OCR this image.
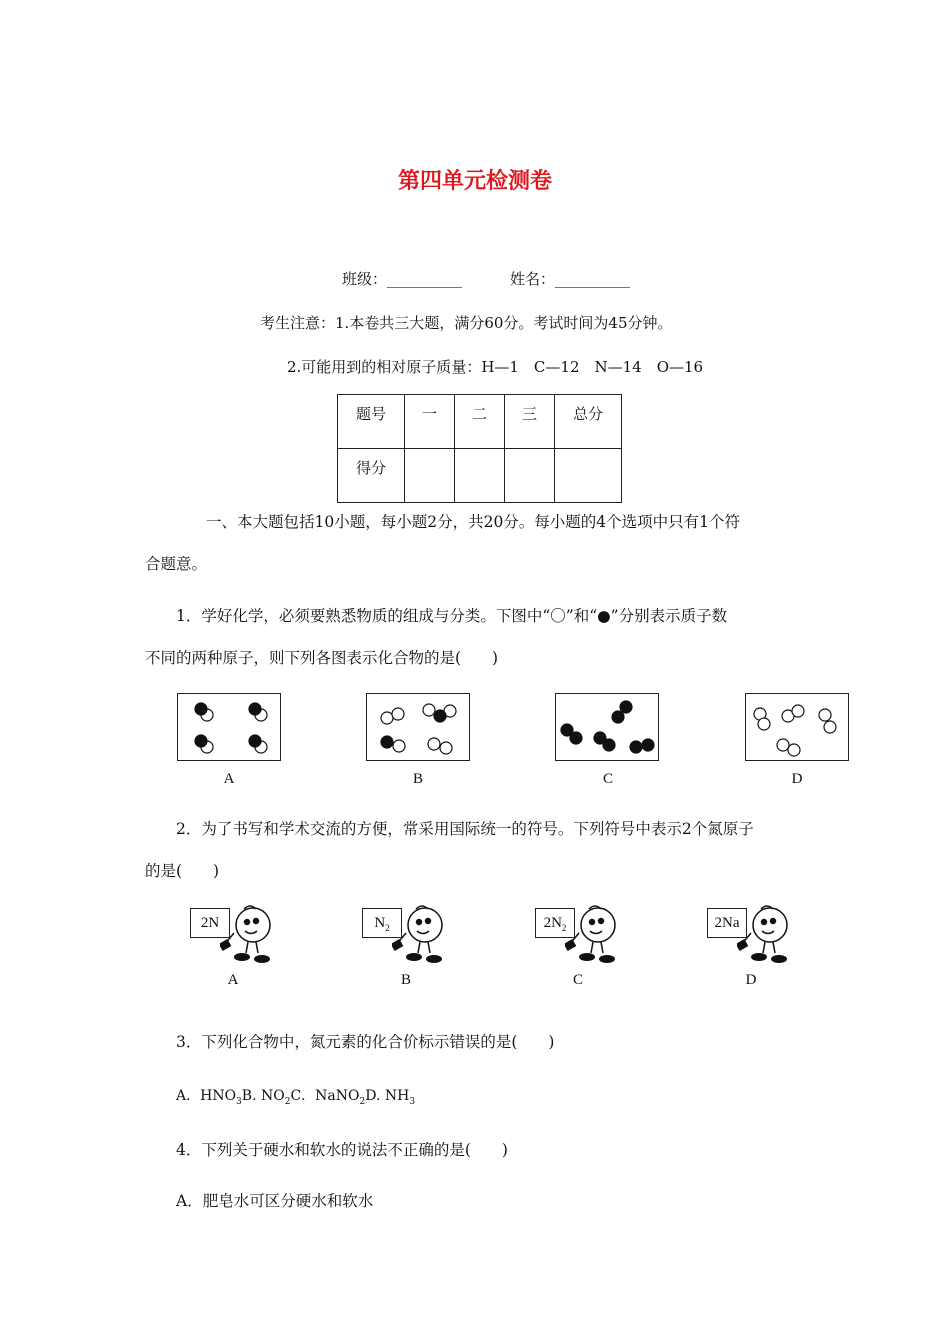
第四单元检测卷
班级：__________	姓名：__________
考生注意：1.本卷共三大题，满分60分。考试时间为45分钟。
2.可能用到的相对原子质量：H—1　C—12　N—14　O—16
题号	一	二	三	总分
得分				
一、本大题包括10小题，每小题2分，共20分。每小题的4个选项中只有1个符
合题意。
1．学好化学，必须要熟悉物质的组成与分类。下图中“〇”和“●”分别表示质子数
不同的两种原子，则下列各图表示化合物的是(　　)
A	B	C	D
2．为了书写和学术交流的方便，常采用国际统一的符号。下列符号中表示2个氮原子
的是(　　)
2N	$N_2$	$2N_2$	2Na
A	B	C	D
3．下列化合物中，氮元素的化合价标示错误的是(　　)
A．$HNO_3B$. $NO_2C$．NaNO$_2$D. $NH_3$
4．下列关于硬水和软水的说法不正确的是(　　)
A．肥皂水可区分硬水和软水
